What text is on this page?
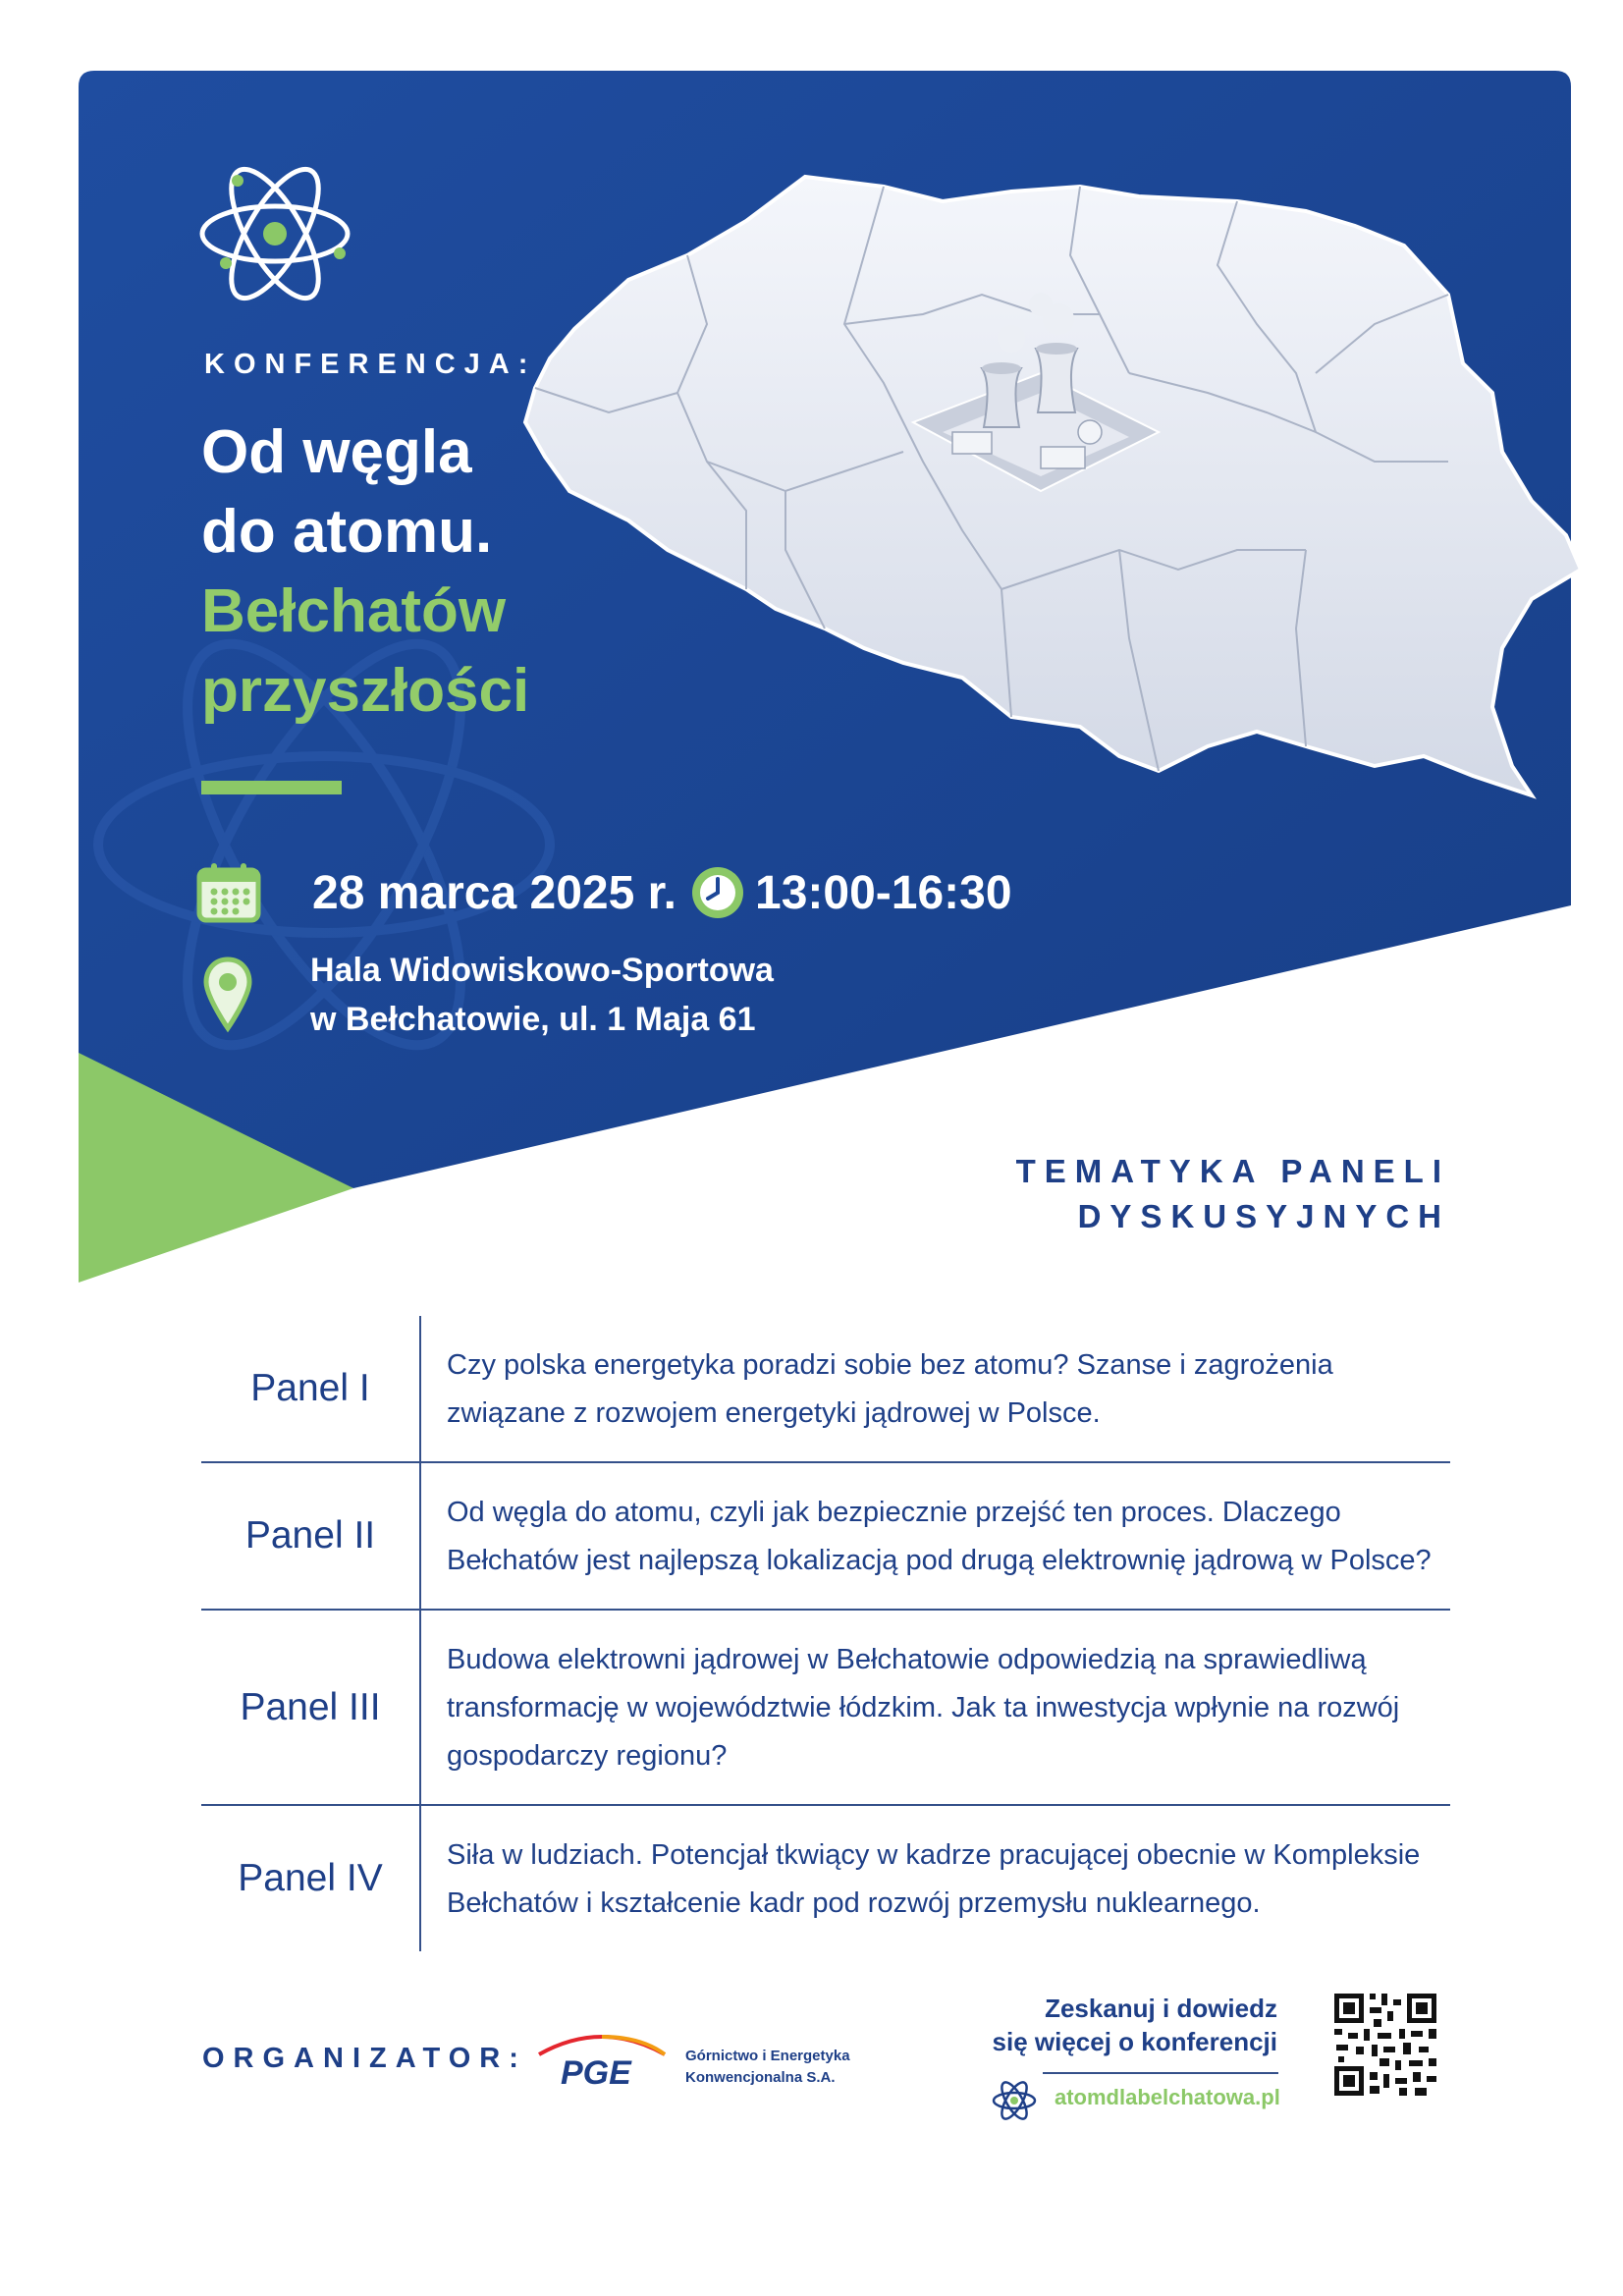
KONFERENCJA:
Od węgla
do atomu.
Bełchatów
przyszłości
28 marca 2025 r. 13:00-16:30
Hala Widowiskowo-Sportowa
w Bełchatowie, ul. 1 Maja 61
TEMATYKA PANELI
DYSKUSYJNYCH
Panel I
Czy polska energetyka poradzi sobie bez atomu? Szanse i zagrożenia związane z rozwojem energetyki jądrowej w Polsce.
Panel II
Od węgla do atomu, czyli jak bezpiecznie przejść ten proces. Dlaczego Bełchatów jest najlepszą lokalizacją pod drugą elektrownię jądrową w Polsce?
Panel III
Budowa elektrowni jądrowej w Bełchatowie odpowiedzią na sprawiedliwą transformację w województwie łódzkim. Jak ta inwestycja wpłynie na rozwój gospodarczy regionu?
Panel IV
Siła w ludziach. Potencjał tkwiący w kadrze pracującej obecnie w Kompleksie Bełchatów i kształcenie kadr pod rozwój przemysłu nuklearnego.
ORGANIZATOR: PGE	Górnictwo i Energetyka
Konwencjonalna S.A.
Zeskanuj i dowiedz
się więcej o konferencji
atomdlabelchatowa.pl
